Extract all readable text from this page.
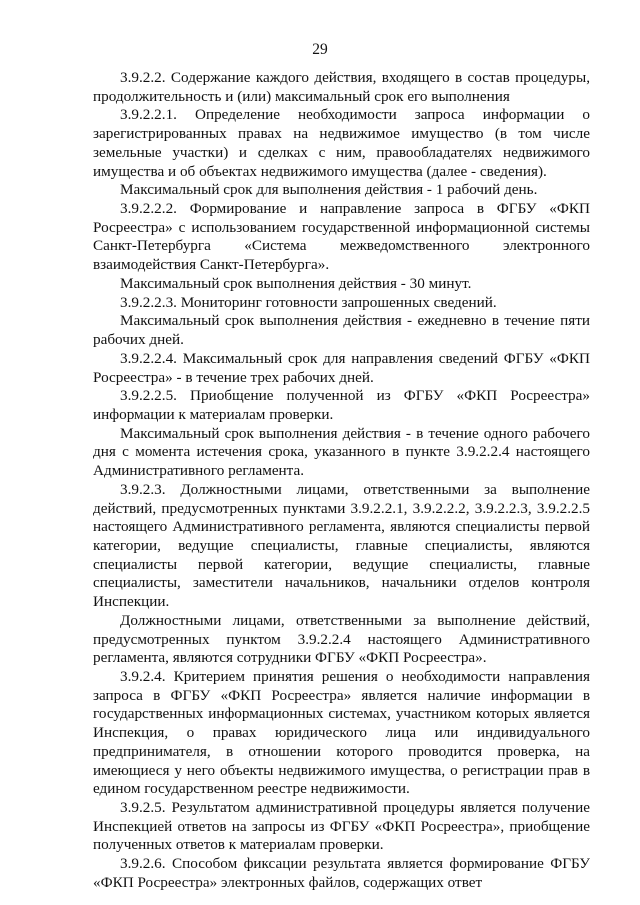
29

3.9.2.2. Содержание каждого действия, входящего в состав процедуры, продолжительность и (или) максимальный срок его выполнения

3.9.2.2.1. Определение необходимости запроса информации о зарегистрированных правах на недвижимое имущество (в том числе земельные участки) и сделках с ним, правообладателях недвижимого имущества и об объектах недвижимого имущества (далее - сведения).

Максимальный срок для выполнения действия - 1 рабочий день.

3.9.2.2.2. Формирование и направление запроса в ФГБУ «ФКП Росреестра» с использованием государственной информационной системы Санкт-Петербурга «Система межведомственного электронного взаимодействия Санкт-Петербурга».

Максимальный срок выполнения действия - 30 минут.

3.9.2.2.3. Мониторинг готовности запрошенных сведений.

Максимальный срок выполнения действия - ежедневно в течение пяти рабочих дней.

3.9.2.2.4. Максимальный срок для направления сведений ФГБУ «ФКП Росреестра» - в течение трех рабочих дней.

3.9.2.2.5. Приобщение полученной из ФГБУ «ФКП Росреестра» информации к материалам проверки.

Максимальный срок выполнения действия - в течение одного рабочего дня с момента истечения срока, указанного в пункте 3.9.2.2.4 настоящего Административного регламента.

3.9.2.3. Должностными лицами, ответственными за выполнение действий, предусмотренных пунктами 3.9.2.2.1, 3.9.2.2.2, 3.9.2.2.3, 3.9.2.2.5 настоящего Административного регламента, являются специалисты первой категории, ведущие специалисты, главные специалисты, являются специалисты первой категории, ведущие специалисты, главные специалисты, заместители начальников, начальники отделов контроля Инспекции.

Должностными лицами, ответственными за выполнение действий, предусмотренных пунктом 3.9.2.2.4 настоящего Административного регламента, являются сотрудники ФГБУ «ФКП Росреестра».

3.9.2.4. Критерием принятия решения о необходимости направления запроса в ФГБУ «ФКП Росреестра» является наличие информации в государственных информационных системах, участником которых является Инспекция, о правах юридического лица или индивидуального предпринимателя, в отношении которого проводится проверка, на имеющиеся у него объекты недвижимого имущества, о регистрации прав в едином государственном реестре недвижимости.

3.9.2.5. Результатом административной процедуры является получение Инспекцией ответов на запросы из ФГБУ «ФКП Росреестра», приобщение полученных ответов к материалам проверки.

3.9.2.6. Способом фиксации результата является формирование ФГБУ «ФКП Росреестра» электронных файлов, содержащих ответ
